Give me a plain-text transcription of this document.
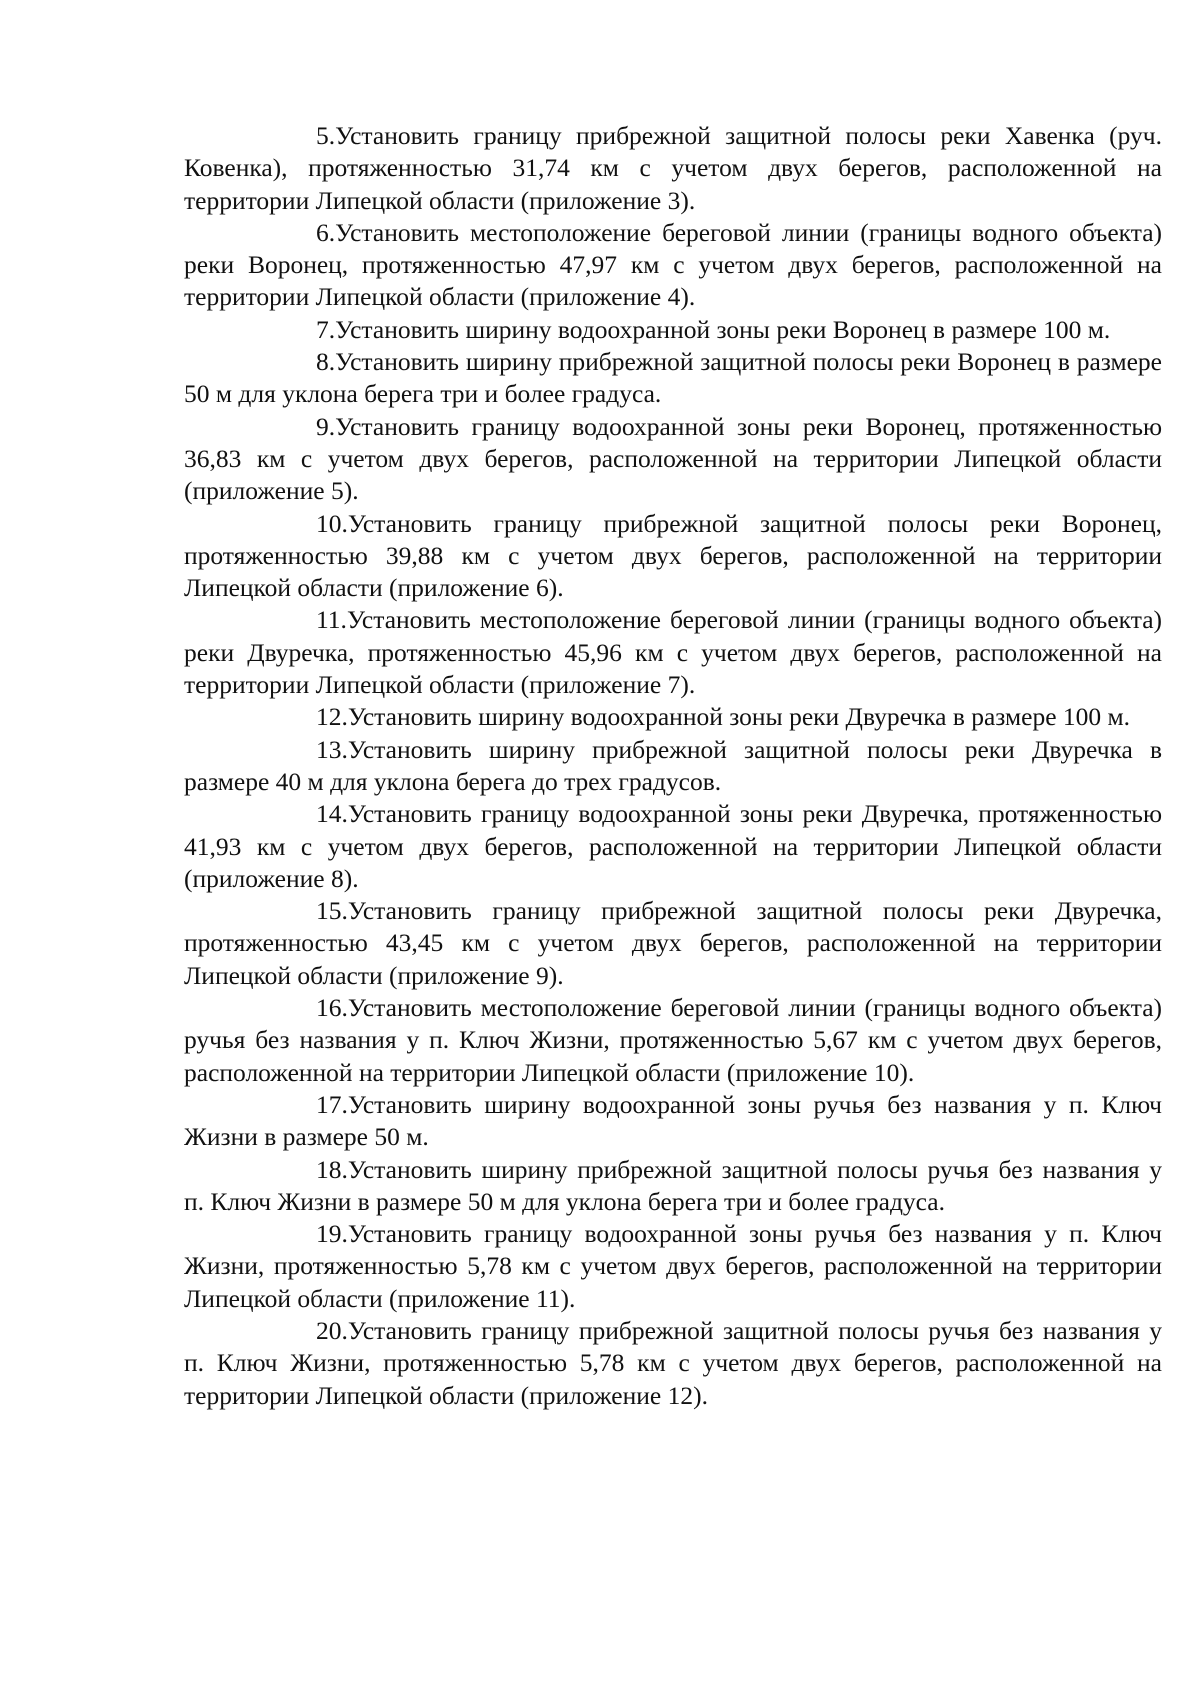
5.Установить границу прибрежной защитной полосы реки Хавенка (руч. Ковенка), протяженностью 31,74 км с учетом двух берегов, расположенной на территории Липецкой области (приложение 3).

6.Установить местоположение береговой линии (границы водного объекта) реки Воронец, протяженностью 47,97 км с учетом двух берегов, расположенной на территории Липецкой области (приложение 4).

7.Установить ширину водоохранной зоны реки Воронец в размере 100 м.

8.Установить ширину прибрежной защитной полосы реки Воронец в размере 50 м для уклона берега три и более градуса.

9.Установить границу водоохранной зоны реки Воронец, протяженностью 36,83 км с учетом двух берегов, расположенной на территории Липецкой области (приложение 5).

10.Установить границу прибрежной защитной полосы реки Воронец, протяженностью 39,88 км с учетом двух берегов, расположенной на территории Липецкой области (приложение 6).

11.Установить местоположение береговой линии (границы водного объекта) реки Двуречка, протяженностью 45,96 км с учетом двух берегов, расположенной на территории Липецкой области (приложение 7).

12.Установить ширину водоохранной зоны реки Двуречка в размере 100 м.

13.Установить ширину прибрежной защитной полосы реки Двуречка в размере 40 м для уклона берега до трех градусов.

14.Установить границу водоохранной зоны реки Двуречка, протяженностью 41,93 км с учетом двух берегов, расположенной на территории Липецкой области (приложение 8).

15.Установить границу прибрежной защитной полосы реки Двуречка, протяженностью 43,45 км с учетом двух берегов, расположенной на территории Липецкой области (приложение 9).

16.Установить местоположение береговой линии (границы водного объекта) ручья без названия у п. Ключ Жизни, протяженностью 5,67 км с учетом двух берегов, расположенной на территории Липецкой области (приложение 10).

17.Установить ширину водоохранной зоны ручья без названия у п. Ключ Жизни в размере 50 м.

18.Установить ширину прибрежной защитной полосы ручья без названия у п. Ключ Жизни в размере 50 м для уклона берега три и более градуса.

19.Установить границу водоохранной зоны ручья без названия у п. Ключ Жизни, протяженностью 5,78 км с учетом двух берегов, расположенной на территории Липецкой области (приложение 11).

20.Установить границу прибрежной защитной полосы ручья без названия у п. Ключ Жизни, протяженностью 5,78 км с учетом двух берегов, расположенной на территории Липецкой области (приложение 12).
